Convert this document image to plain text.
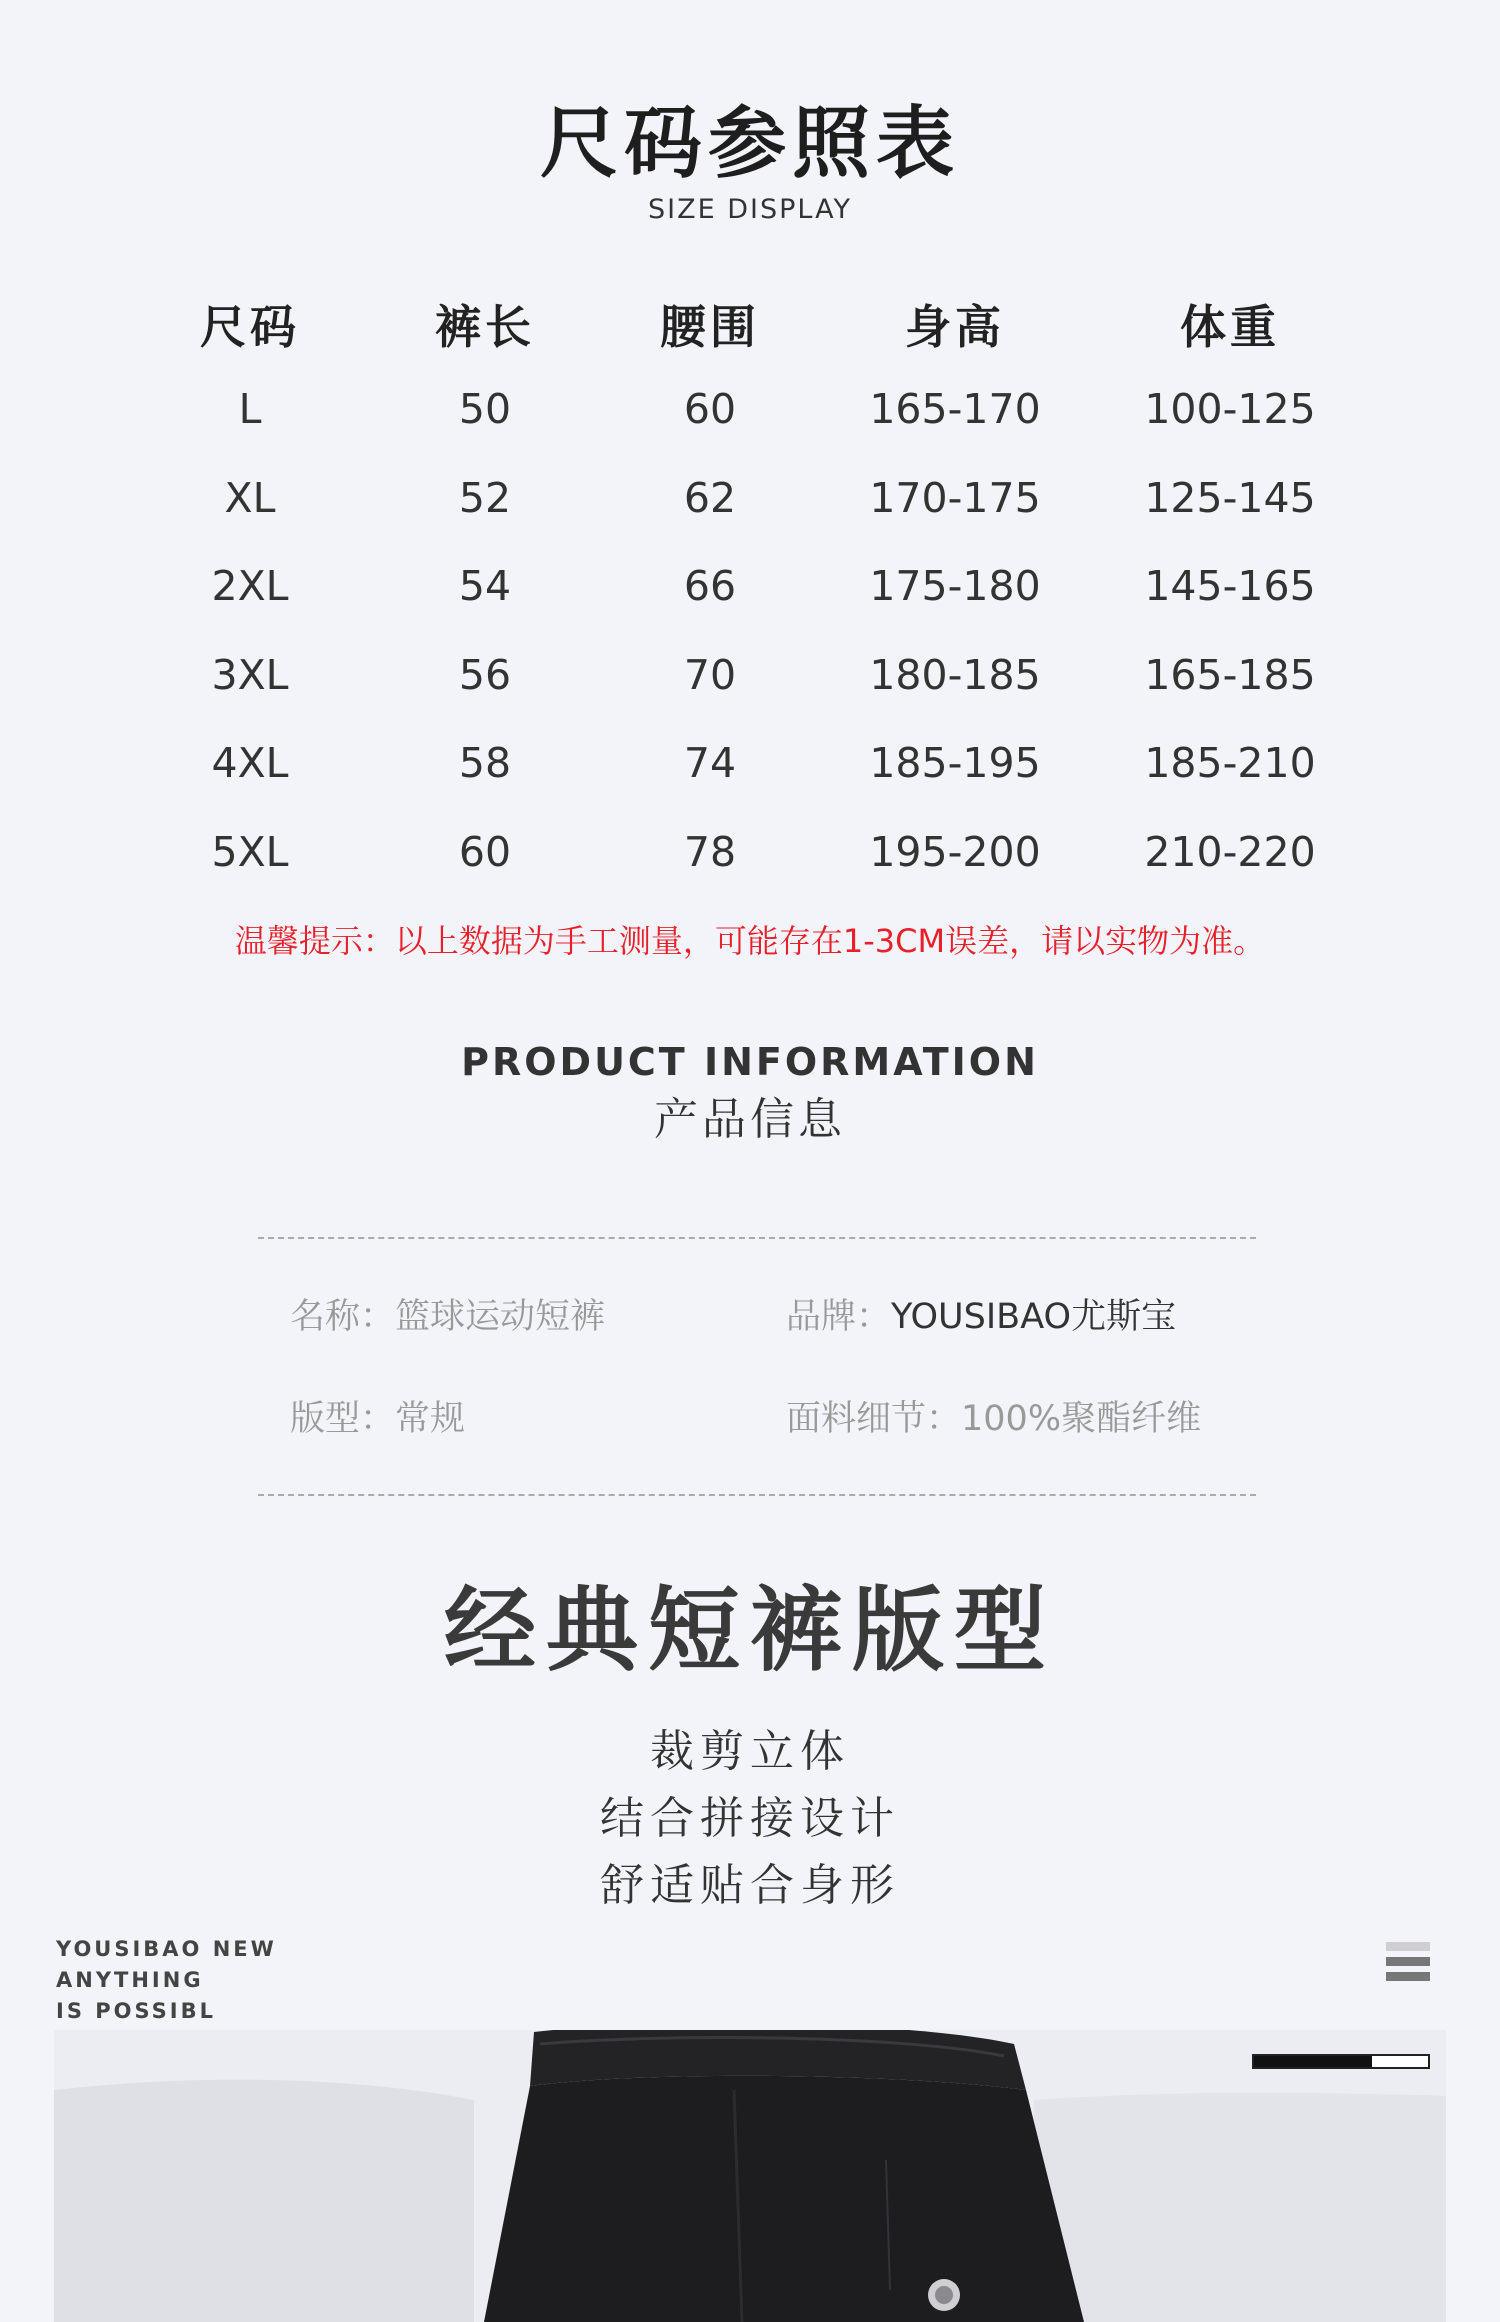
尺码参照表
SIZE DISPLAY
尺码	裤长	腰围	身高	体重
L	50	60	165-170	100-125
XL	52	62	170-175	125-145
2XL	54	66	175-180	145-165
3XL	56	70	180-185	165-185
4XL	58	74	185-195	185-210
5XL	60	78	195-200	210-220
温馨提示：以上数据为手工测量，可能存在1-3CM误差，请以实物为准。
PRODUCT INFORMATION
产品信息
名称：篮球运动短裤	品牌：YOUSIBAO尤斯宝
版型：常规	面料细节：100%聚酯纤维
经典短裤版型
裁剪立体
结合拼接设计
舒适贴合身形
YOUSIBAO NEW
ANYTHING
IS POSSIBL
